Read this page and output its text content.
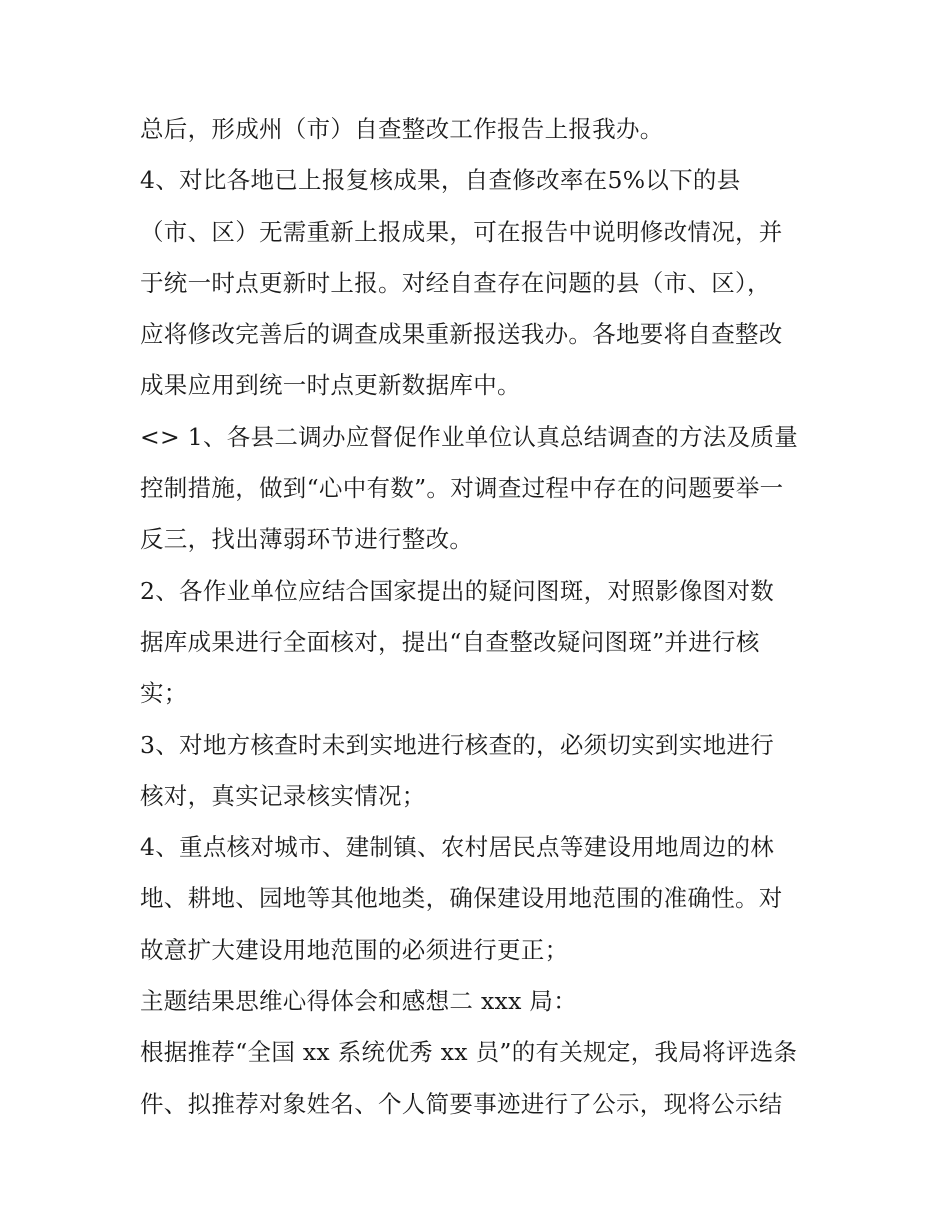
总后，形成州（市）自查整改工作报告上报我办。
4、对比各地已上报复核成果，自查修改率在5%以下的县
（市、区）无需重新上报成果，可在报告中说明修改情况，并
于统一时点更新时上报。对经自查存在问题的县（市、区），
应将修改完善后的调查成果重新报送我办。各地要将自查整改
成果应用到统一时点更新数据库中。
<> 1、各县二调办应督促作业单位认真总结调查的方法及质量
控制措施，做到“心中有数”。对调查过程中存在的问题要举一
反三，找出薄弱环节进行整改。
2、各作业单位应结合国家提出的疑问图斑，对照影像图对数
据库成果进行全面核对，提出“自查整改疑问图斑”并进行核
实；
3、对地方核查时未到实地进行核查的，必须切实到实地进行
核对，真实记录核实情况；
4、重点核对城市、建制镇、农村居民点等建设用地周边的林
地、耕地、园地等其他地类，确保建设用地范围的准确性。对
故意扩大建设用地范围的必须进行更正；
主题结果思维心得体会和感想二 xxx 局：
根据推荐“全国 xx 系统优秀 xx 员”的有关规定，我局将评选条
件、拟推荐对象姓名、个人简要事迹进行了公示，现将公示结
